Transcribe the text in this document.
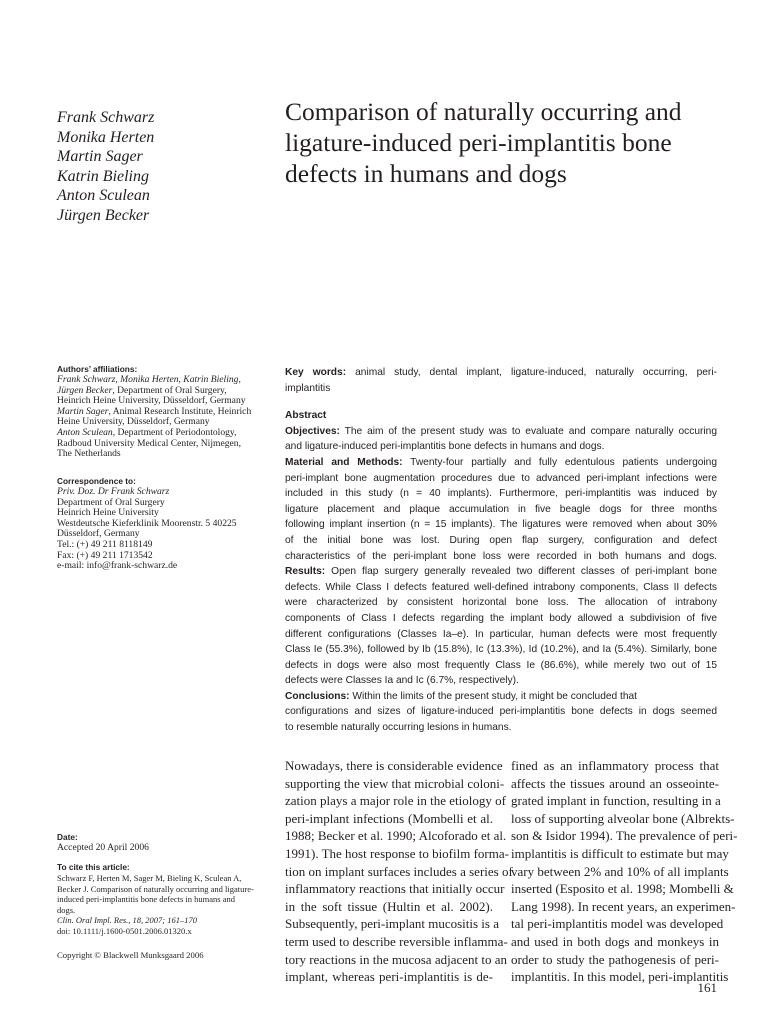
Frank Schwarz
Monika Herten
Martin Sager
Katrin Bieling
Anton Sculean
Jürgen Becker
Comparison of naturally occurring and
ligature-induced peri-implantitis bone
defects in humans and dogs
Authors’ affiliations:
Frank Schwarz, Monika Herten, Katrin Bieling,
Jürgen Becker, Department of Oral Surgery,
Heinrich Heine University, Düsseldorf, Germany
Martin Sager, Animal Research Institute, Heinrich
Heine University, Düsseldorf, Germany
Anton Sculean, Department of Periodontology,
Radboud University Medical Center, Nijmegen,
The Netherlands
Correspondence to:
Priv. Doz. Dr Frank Schwarz
Department of Oral Surgery
Heinrich Heine University
Westdeutsche Kieferklinik Moorenstr. 5 40225
Düsseldorf, Germany
Tel.: (+) 49 211 8118149
Fax: (+) 49 211 1713542
e-mail: info@frank-schwarz.de
Date:
Accepted 20 April 2006
To cite this article:
Schwarz F, Herten M, Sager M, Bieling K, Sculean A,
Becker J. Comparison of naturally occurring and ligature-
induced peri-implantitis bone defects in humans and
dogs.
Clin. Oral Impl. Res., 18, 2007; 161–170
doi: 10.1111/j.1600-0501.2006.01320.x
Copyright © Blackwell Munksgaard 2006
Key words: animal study, dental implant, ligature-induced, naturally occurring, peri-
implantitis
Abstract
Objectives: The aim of the present study was to evaluate and compare naturally occuring
and ligature-induced peri-implantitis bone defects in humans and dogs.
Material and Methods: Twenty-four partially and fully edentulous patients undergoing
peri-implant bone augmentation procedures due to advanced peri-implant infections were
included in this study (n = 40 implants). Furthermore, peri-implantitis was induced by
ligature placement and plaque accumulation in five beagle dogs for three months
following implant insertion (n = 15 implants). The ligatures were removed when about 30%
of the initial bone was lost. During open flap surgery, configuration and defect
characteristics of the peri-implant bone loss were recorded in both humans and dogs.
Results: Open flap surgery generally revealed two different classes of peri-implant bone
defects. While Class I defects featured well-defined intrabony components, Class II defects
were characterized by consistent horizontal bone loss. The allocation of intrabony
components of Class I defects regarding the implant body allowed a subdivision of five
different configurations (Classes Ia–e). In particular, human defects were most frequently
Class Ie (55.3%), followed by Ib (15.8%), Ic (13.3%), Id (10.2%), and Ia (5.4%). Similarly, bone
defects in dogs were also most frequently Class Ie (86.6%), while merely two out of 15
defects were Classes Ia and Ic (6.7%, respectively).
Conclusions: Within the limits of the present study, it might be concluded that
configurations and sizes of ligature-induced peri-implantitis bone defects in dogs seemed
to resemble naturally occurring lesions in humans.
Nowadays, there is considerable evidence
supporting the view that microbial coloni-
zation plays a major role in the etiology of
peri-implant infections (Mombelli et al.
1988; Becker et al. 1990; Alcoforado et al.
1991). The host response to biofilm forma-
tion on implant surfaces includes a series of
inflammatory reactions that initially occur
in the soft tissue (Hultin et al. 2002).
Subsequently, peri-implant mucositis is a
term used to describe reversible inflamma-
tory reactions in the mucosa adjacent to an
implant, whereas peri-implantitis is de-
fined as an inflammatory process that
affects the tissues around an osseointe-
grated implant in function, resulting in a
loss of supporting alveolar bone (Albrekts-
son & Isidor 1994). The prevalence of peri-
implantitis is difficult to estimate but may
vary between 2% and 10% of all implants
inserted (Esposito et al. 1998; Mombelli &
Lang 1998). In recent years, an experimen-
tal peri-implantitis model was developed
and used in both dogs and monkeys in
order to study the pathogenesis of peri-
implantitis. In this model, peri-implantitis
161
